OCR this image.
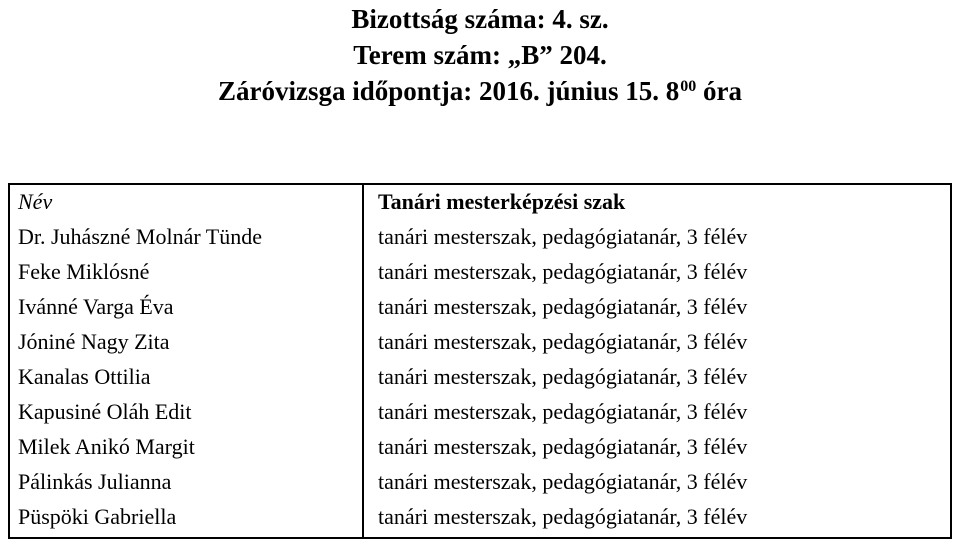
Bizottság száma: 4. sz.
Terem szám: „B” 204.
Záróvizsga időpontja: 2016. június 15. $8^{00}$ óra
Név	Tanári mesterképzési szak
Dr. Juhászné Molnár Tünde	tanári mesterszak, pedagógiatanár, 3 félév
Feke Miklósné	tanári mesterszak, pedagógiatanár, 3 félév
Ivánné Varga Éva	tanári mesterszak, pedagógiatanár, 3 félév
Jóniné Nagy Zita	tanári mesterszak, pedagógiatanár, 3 félév
Kanalas Ottilia	tanári mesterszak, pedagógiatanár, 3 félév
Kapusiné Oláh Edit	tanári mesterszak, pedagógiatanár, 3 félév
Milek Anikó Margit	tanári mesterszak, pedagógiatanár, 3 félév
Pálinkás Julianna	tanári mesterszak, pedagógiatanár, 3 félév
Püspöki Gabriella	tanári mesterszak, pedagógiatanár, 3 félév
